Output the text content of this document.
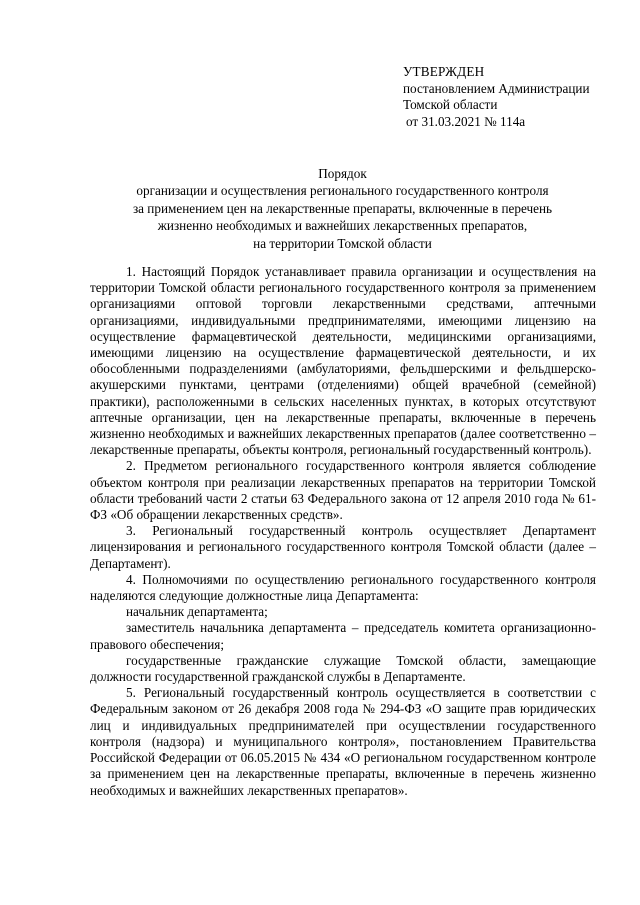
УТВЕРЖДЕН
постановлением Администрации
Томской области
от 31.03.2021 № 114а
Порядок
организации и осуществления регионального государственного контроля
за применением цен на лекарственные препараты, включенные в перечень
жизненно необходимых и важнейших лекарственных препаратов,
на территории Томской области

1. Настоящий Порядок устанавливает правила организации и осуществления на территории Томской области регионального государственного контроля за применением организациями оптовой торговли лекарственными средствами, аптечными организациями, индивидуальными предпринимателями, имеющими лицензию на осуществление фармацевтической деятельности, медицинскими организациями, имеющими лицензию на осуществление фармацевтической деятельности, и их обособленными подразделениями (амбулаториями, фельдшерскими и фельдшерско-акушерскими пунктами, центрами (отделениями) общей врачебной (семейной) практики), расположенными в сельских населенных пунктах, в которых отсутствуют аптечные организации, цен на лекарственные препараты, включенные в перечень жизненно необходимых и важнейших лекарственных препаратов (далее соответственно – лекарственные препараты, объекты контроля, региональный государственный контроль).

2. Предметом регионального государственного контроля является соблюдение объектом контроля при реализации лекарственных препаратов на территории Томской области требований части 2 статьи 63 Федерального закона от 12 апреля 2010 года № 61-ФЗ «Об обращении лекарственных средств».

3. Региональный государственный контроль осуществляет Департамент лицензирования и регионального государственного контроля Томской области (далее – Департамент).

4. Полномочиями по осуществлению регионального государственного контроля наделяются следующие должностные лица Департамента:

начальник департамента;

заместитель начальника департамента – председатель комитета организационно-правового обеспечения;

государственные гражданские служащие Томской области, замещающие должности государственной гражданской службы в Департаменте.

5. Региональный государственный контроль осуществляется в соответствии с Федеральным законом от 26 декабря 2008 года № 294-ФЗ «О защите прав юридических лиц и индивидуальных предпринимателей при осуществлении государственного контроля (надзора) и муниципального контроля», постановлением Правительства Российской Федерации от 06.05.2015 № 434 «О региональном государственном контроле за применением цен на лекарственные препараты, включенные в перечень жизненно необходимых и важнейших лекарственных препаратов».
